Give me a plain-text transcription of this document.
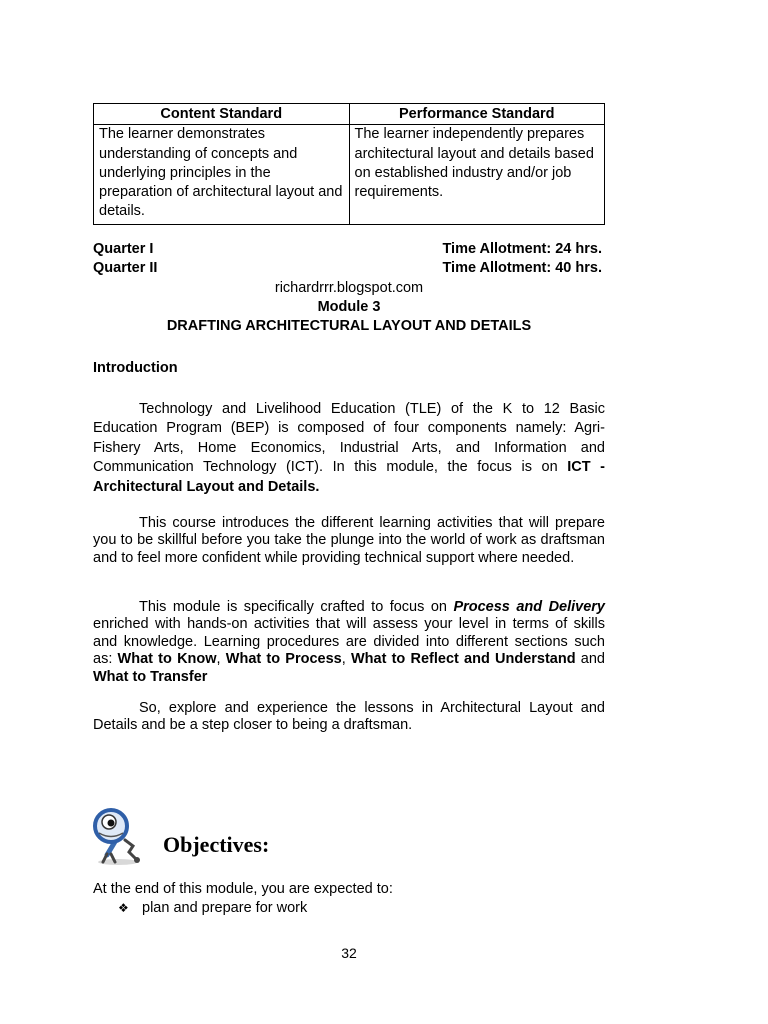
Content Standard	Performance Standard
The learner demonstrates understanding of concepts and underlying principles in the preparation of architectural layout and details.	The learner independently prepares architectural layout and details based on established industry and/or job requirements.
Quarter I	Time Allotment: 24 hrs.
Quarter II	Time Allotment: 40 hrs.
richardrrr.blogspot.com
Module 3
DRAFTING ARCHITECTURAL LAYOUT AND DETAILS
Introduction

Technology and Livelihood Education (TLE) of the K to 12 Basic Education Program (BEP) is composed of four components namely: Agri-Fishery Arts, Home Economics, Industrial Arts, and Information and Communication Technology (ICT). In this module, the focus is on ICT - Architectural Layout and Details.

This course introduces the different learning activities that will prepare you to be skillful before you take the plunge into the world of work as draftsman and to feel more confident while providing technical support where needed.

This module is specifically crafted to focus on Process and Delivery enriched with hands-on activities that will assess your level in terms of skills and knowledge. Learning procedures are divided into different sections such as: What to Know, What to Process, What to Reflect and Understand and What to Transfer

So, explore and experience the lessons in Architectural Layout and Details and be a step closer to being a draftsman.

Objectives:
At the end of this module, you are expected to:
❖ plan and prepare for work
32
